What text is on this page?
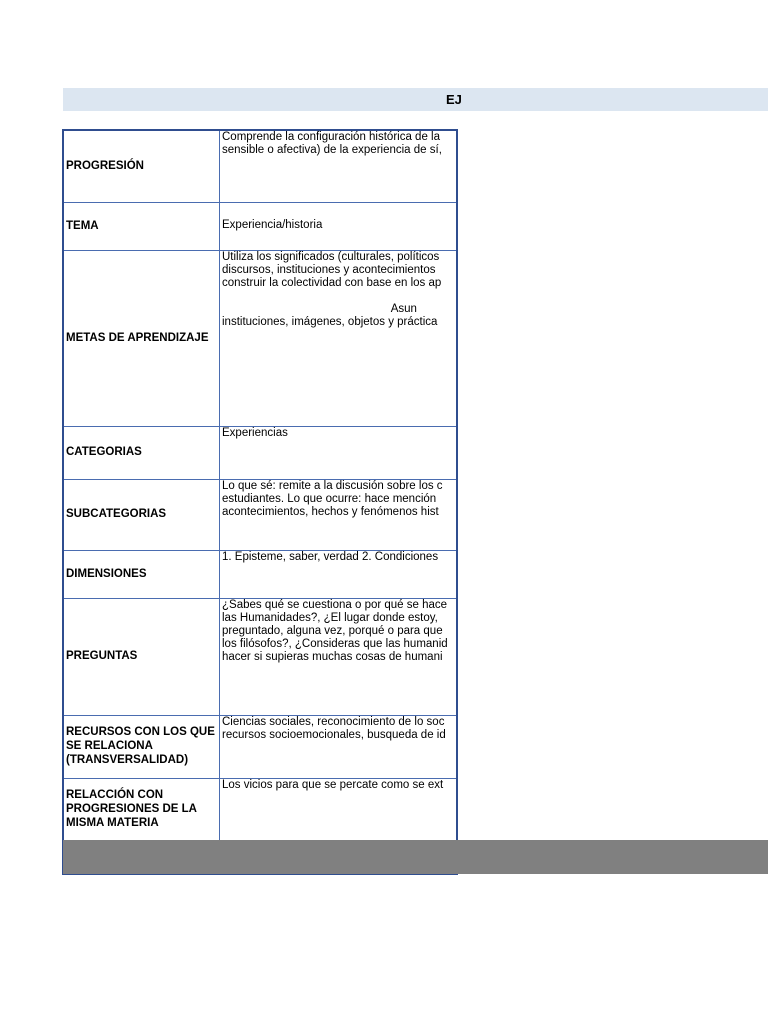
EJ
PROGRESIÓN
Comprende la configuración histórica de la
sensible o afectiva) de la experiencia de sí,
TEMA	Experiencia/historia
METAS DE APRENDIZAJE
Utiliza los significados (culturales, políticos
discursos, instituciones y acontecimientos
construir la colectividad con base en los ap

Asun
instituciones, imágenes, objetos y práctica
CATEGORIAS
Experiencias
SUBCATEGORIAS
Lo que sé: remite a la discusión sobre los c
estudiantes. Lo que ocurre: hace mención
acontecimientos, hechos y fenómenos hist
DIMENSIONES
1. Episteme, saber, verdad 2. Condiciones
PREGUNTAS
¿Sabes qué se cuestiona o por qué se hace
las Humanidades?, ¿El lugar donde estoy,
preguntado, alguna vez, porqué o para que
los filósofos?, ¿Consideras que las humanid
hacer si supieras muchas cosas de humani
RECURSOS CON LOS QUE SE RELACIONA (TRANSVERSALIDAD)
Ciencias sociales, reconocimiento de lo soc
recursos socioemocionales, busqueda de id
RELACCIÓN CON PROGRESIONES DE LA MISMA MATERIA
Los vicios para que se percate como se ext
